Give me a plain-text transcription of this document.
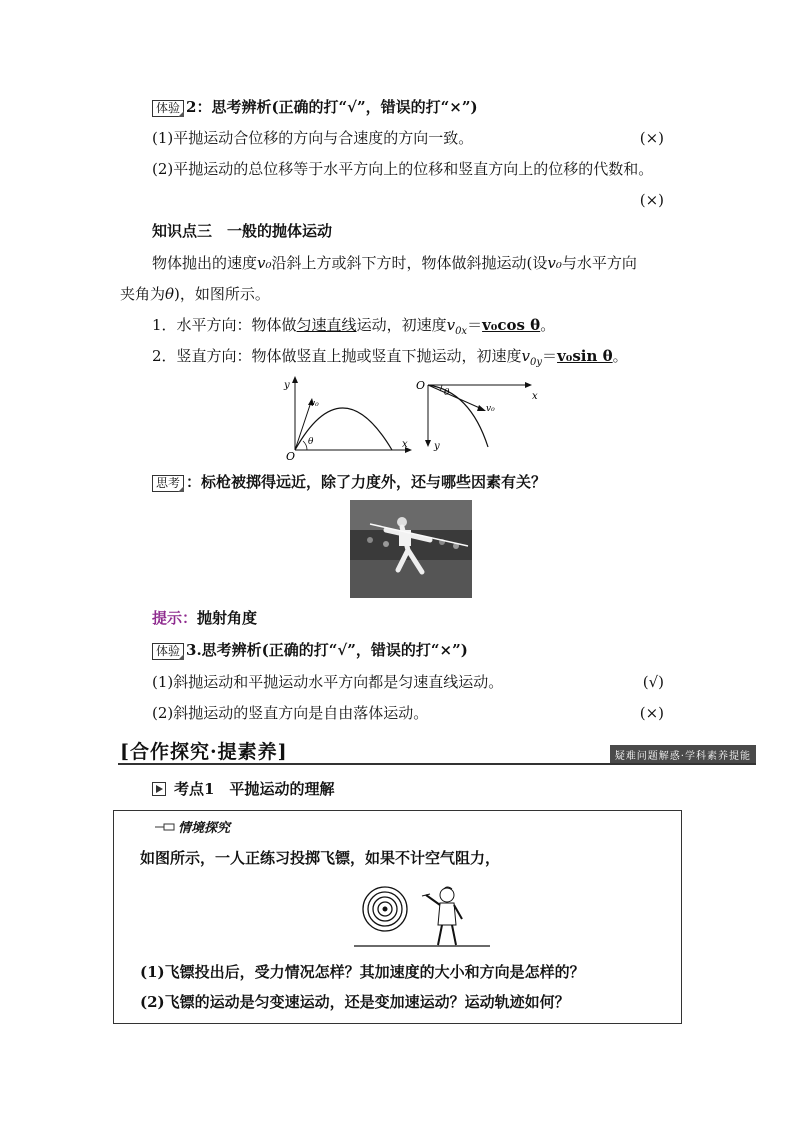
体验 2：思考辨析(正确的打“√”，错误的打“×”)
(1)平抛运动合位移的方向与合速度的方向一致。	(×)
(2)平抛运动的总位移等于水平方向上的位移和竖直方向上的位移的代数和。
(×)
知识点三　一般的抛体运动
物体抛出的速度v₀沿斜上方或斜下方时，物体做斜抛运动(设v₀与水平方向
夹角为θ)，如图所示。
1．水平方向：物体做匀速直线运动，初速度$v_{0x}=v_0\cos$ θ。
2．竖直方向：物体做竖直上抛或竖直下抛运动，初速度$v_{0y}=v_0\sin$ θ。
y
x
O
v₀
θ
O
x
y
v₀
θ
思考 ：标枪被掷得远近，除了力度外，还与哪些因素有关？
提示：抛射角度
体验 3.思考辨析(正确的打“√”，错误的打“×”)
(1)斜抛运动和平抛运动水平方向都是匀速直线运动。	(√)
(2)斜抛运动的竖直方向是自由落体运动。	(×)
[合作探究·提素养]	疑难问题解惑·学科素养提能
考点1　平抛运动的理解
情境探究
如图所示，一人正练习投掷飞镖，如果不计空气阻力，
(1)飞镖投出后，受力情况怎样？其加速度的大小和方向是怎样的？
(2)飞镖的运动是匀变速运动，还是变加速运动？运动轨迹如何？
